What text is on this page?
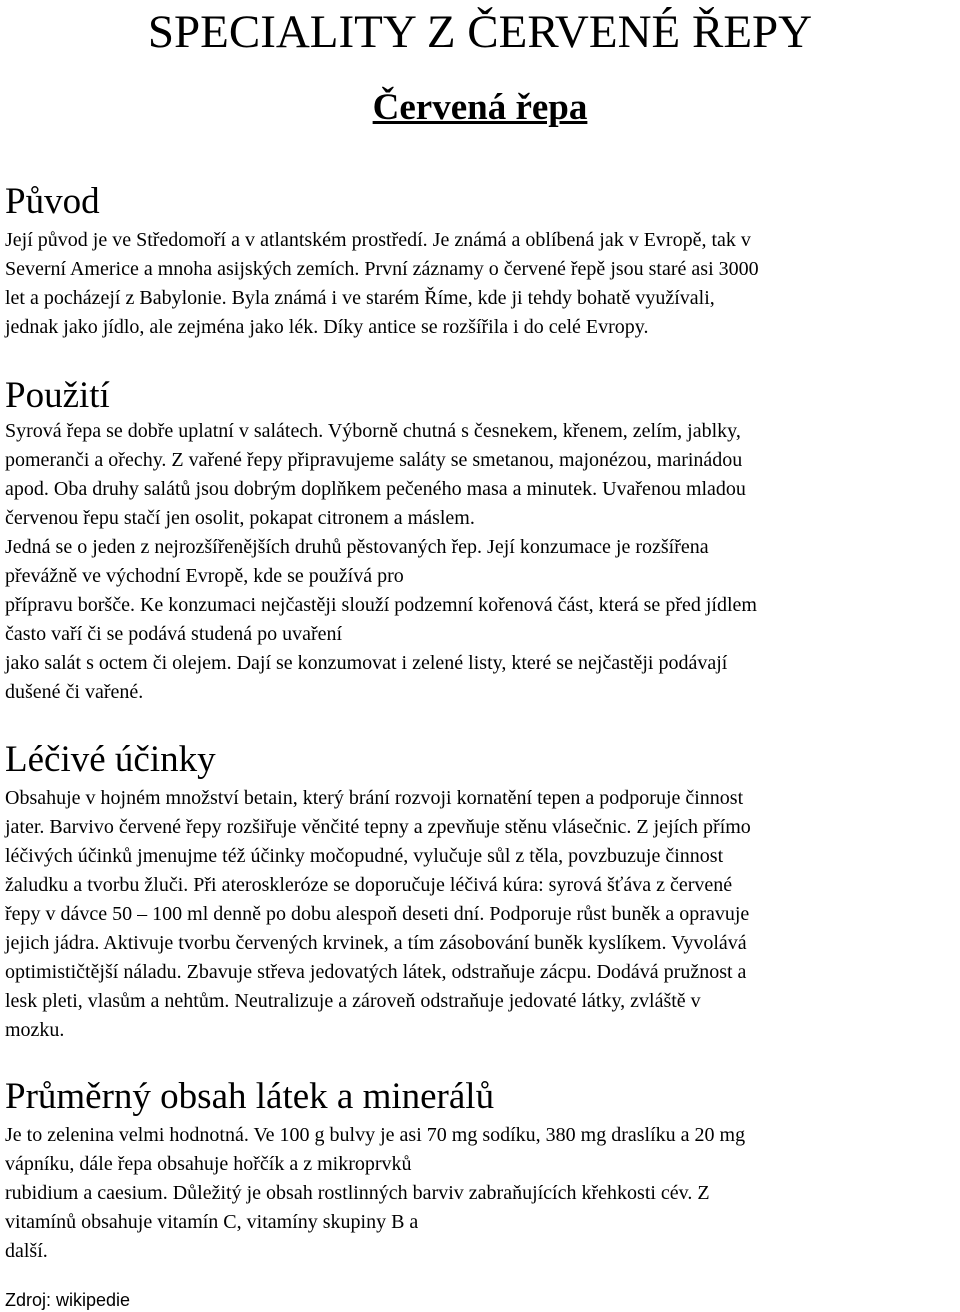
SPECIALITY Z ČERVENÉ ŘEPY
Červená řepa
Původ
Její původ je ve Středomoří a v atlantském prostředí. Je známá a oblíbená jak v Evropě, tak v
Severní Americe a mnoha asijských zemích. První záznamy o červené řepě jsou staré asi 3000
let a pocházejí z Babylonie. Byla známá i ve starém Říme, kde ji tehdy bohatě využívali,
jednak jako jídlo, ale zejména jako lék. Díky antice se rozšířila i do celé Evropy.
Použití
Syrová řepa se dobře uplatní v salátech. Výborně chutná s česnekem, křenem, zelím, jablky,
pomeranči a ořechy. Z vařené řepy připravujeme saláty se smetanou, majonézou, marinádou
apod. Oba druhy salátů jsou dobrým doplňkem pečeného masa a minutek. Uvařenou mladou
červenou řepu stačí jen osolit, pokapat citronem a máslem.
Jedná se o jeden z nejrozšířenějších druhů pěstovaných řep. Její konzumace je rozšířena
převážně ve východní Evropě, kde se používá pro
přípravu boršče. Ke konzumaci nejčastěji slouží podzemní kořenová část, která se před jídlem
často vaří či se podává studená po uvaření
jako salát s octem či olejem. Dají se konzumovat i zelené listy, které se nejčastěji podávají
dušené či vařené.
Léčivé účinky
Obsahuje v hojném množství betain, který brání rozvoji kornatění tepen a podporuje činnost
jater. Barvivo červené řepy rozšiřuje věnčité tepny a zpevňuje stěnu vlásečnic. Z jejích přímo
léčivých účinků jmenujme též účinky močopudné, vylučuje sůl z těla, povzbuzuje činnost
žaludku a tvorbu žluči. Při ateroskleróze se doporučuje léčivá kúra: syrová šťáva z červené
řepy v dávce 50 – 100 ml denně po dobu alespoň deseti dní. Podporuje růst buněk a opravuje
jejich jádra. Aktivuje tvorbu červených krvinek, a tím zásobování buněk kyslíkem. Vyvolává
optimističtější náladu. Zbavuje střeva jedovatých látek, odstraňuje zácpu. Dodává pružnost a
lesk pleti, vlasům a nehtům. Neutralizuje a zároveň odstraňuje jedovaté látky, zvláště v
mozku.
Průměrný obsah látek a minerálů
Je to zelenina velmi hodnotná. Ve 100 g bulvy je asi 70 mg sodíku, 380 mg draslíku a 20 mg
vápníku, dále řepa obsahuje hořčík a z mikroprvků
rubidium a caesium. Důležitý je obsah rostlinných barviv zabraňujících křehkosti cév. Z
vitamínů obsahuje vitamín C, vitamíny skupiny B a
další.
Zdroj: wikipedie
